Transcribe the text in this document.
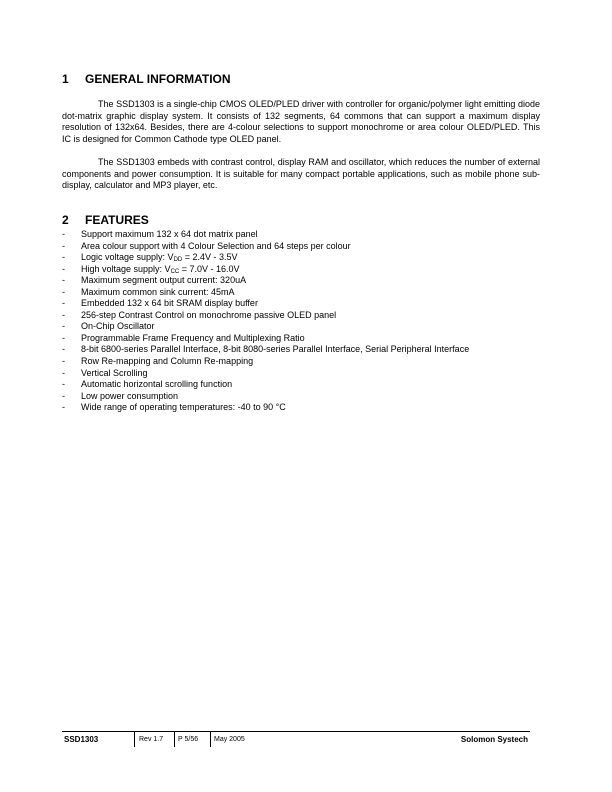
1 GENERAL INFORMATION

The SSD1303 is a single-chip CMOS OLED/PLED driver with controller for organic/polymer light emitting diode dot-matrix graphic display system. It consists of 132 segments, 64 commons that can support a maximum display resolution of 132x64. Besides, there are 4-colour selections to support monochrome or area colour OLED/PLED. This IC is designed for Common Cathode type OLED panel.

The SSD1303 embeds with contrast control, display RAM and oscillator, which reduces the number of external components and power consumption. It is suitable for many compact portable applications, such as mobile phone sub-display, calculator and MP3 player, etc.

2 FEATURES
- Support maximum 132 x 64 dot matrix panel
- Area colour support with 4 Colour Selection and 64 steps per colour
- Logic voltage supply: $V_{DD} = 2.4V - 3.5V$
- High voltage supply: $V_{CC} = 7.0V - 16.0V$
- Maximum segment output current: 320uA
- Maximum common sink current: 45mA
- Embedded 132 x 64 bit SRAM display buffer
- 256-step Contrast Control on monochrome passive OLED panel
- On-Chip Oscillator
- Programmable Frame Frequency and Multiplexing Ratio
- 8-bit 6800-series Parallel Interface, 8-bit 8080-series Parallel Interface, Serial Peripheral Interface
- Row Re-mapping and Column Re-mapping
- Vertical Scrolling
- Automatic horizontal scrolling function
- Low power consumption
- Wide range of operating temperatures: -40 to 90 °C
SSD1303	Rev 1.7	P 5/56	May 2005	Solomon Systech
